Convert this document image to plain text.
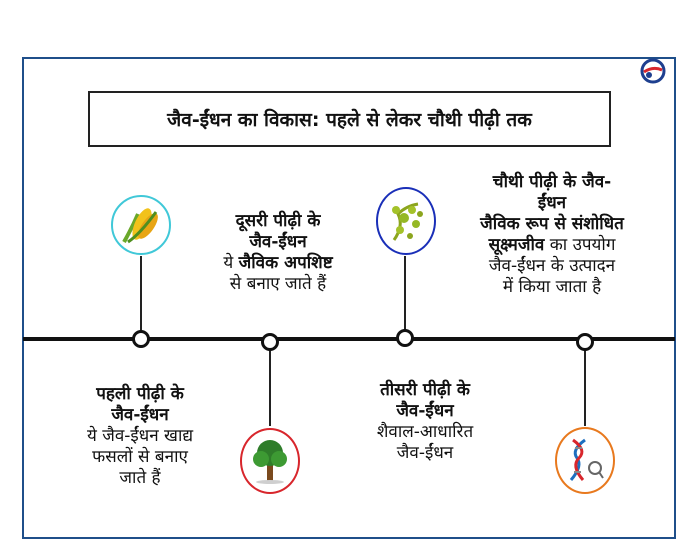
जैव-ईंधन का विकास: पहले से लेकर चौथी पीढ़ी तक
पहली पीढ़ी के
जैव-ईंधन
ये जैव-ईंधन खाद्य
फसलों से बनाए
जाते हैं
दूसरी पीढ़ी के
जैव-ईंधन
ये जैविक अपशिष्ट
से बनाए जाते हैं
तीसरी पीढ़ी के
जैव-ईंधन
शैवाल-आधारित
जैव-ईंधन
चौथी पीढ़ी के जैव-
ईंधन
जैविक रूप से संशोधित
सूक्ष्मजीव का उपयोग
जैव-ईंधन के उत्पादन
में किया जाता है
